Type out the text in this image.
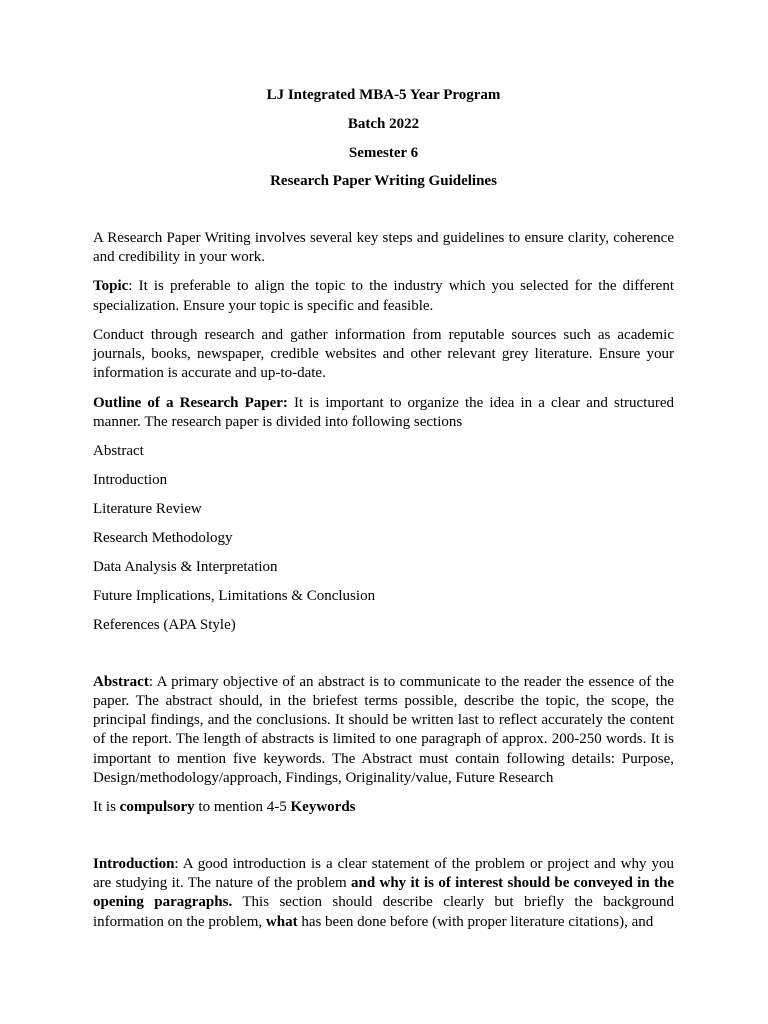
LJ Integrated MBA-5 Year Program

Batch 2022

Semester 6

Research Paper Writing Guidelines

A Research Paper Writing involves several key steps and guidelines to ensure clarity, coherence and credibility in your work.

Topic: It is preferable to align the topic to the industry which you selected for the different specialization. Ensure your topic is specific and feasible.

Conduct through research and gather information from reputable sources such as academic journals, books, newspaper, credible websites and other relevant grey literature. Ensure your information is accurate and up-to-date.

Outline of a Research Paper: It is important to organize the idea in a clear and structured manner. The research paper is divided into following sections

Abstract

Introduction

Literature Review

Research Methodology

Data Analysis & Interpretation

Future Implications, Limitations & Conclusion

References (APA Style)

Abstract: A primary objective of an abstract is to communicate to the reader the essence of the paper. The abstract should, in the briefest terms possible, describe the topic, the scope, the principal findings, and the conclusions. It should be written last to reflect accurately the content of the report. The length of abstracts is limited to one paragraph of approx. 200-250 words. It is important to mention five keywords. The Abstract must contain following details: Purpose, Design/methodology/approach, Findings, Originality/value, Future Research

It is compulsory to mention 4-5 Keywords

Introduction: A good introduction is a clear statement of the problem or project and why you are studying it. The nature of the problem and why it is of interest should be conveyed in the opening paragraphs. This section should describe clearly but briefly the background information on the problem, what has been done before (with proper literature citations), and
